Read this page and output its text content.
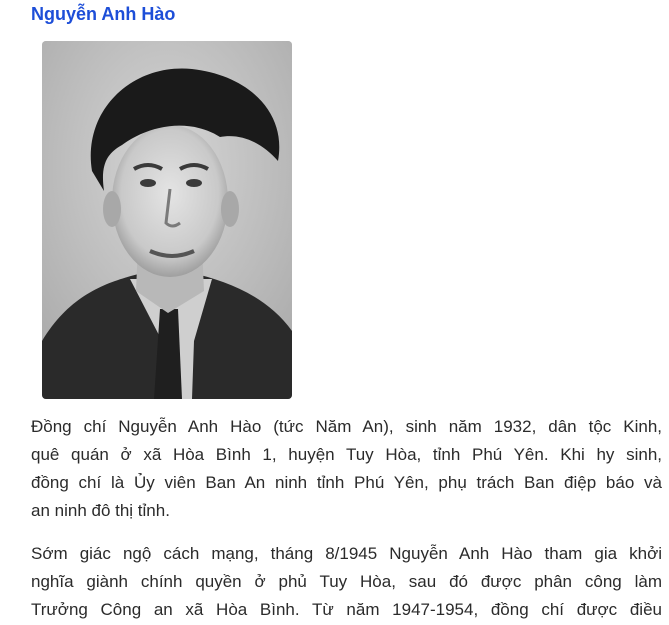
Nguyễn Anh Hào

Đồng chí Nguyễn Anh Hào (tức Năm An), sinh năm 1932, dân tộc Kinh,
quê quán ở xã Hòa Bình 1, huyện Tuy Hòa, tỉnh Phú Yên. Khi hy sinh,
đồng chí là Ủy viên Ban An ninh tỉnh Phú Yên, phụ trách Ban điệp báo và
an ninh đô thị tỉnh.

Sớm giác ngộ cách mạng, tháng 8/1945 Nguyễn Anh Hào tham gia khởi
nghĩa giành chính quyền ở phủ Tuy Hòa, sau đó được phân công làm
Trưởng Công an xã Hòa Bình. Từ năm 1947-1954, đồng chí được điều
